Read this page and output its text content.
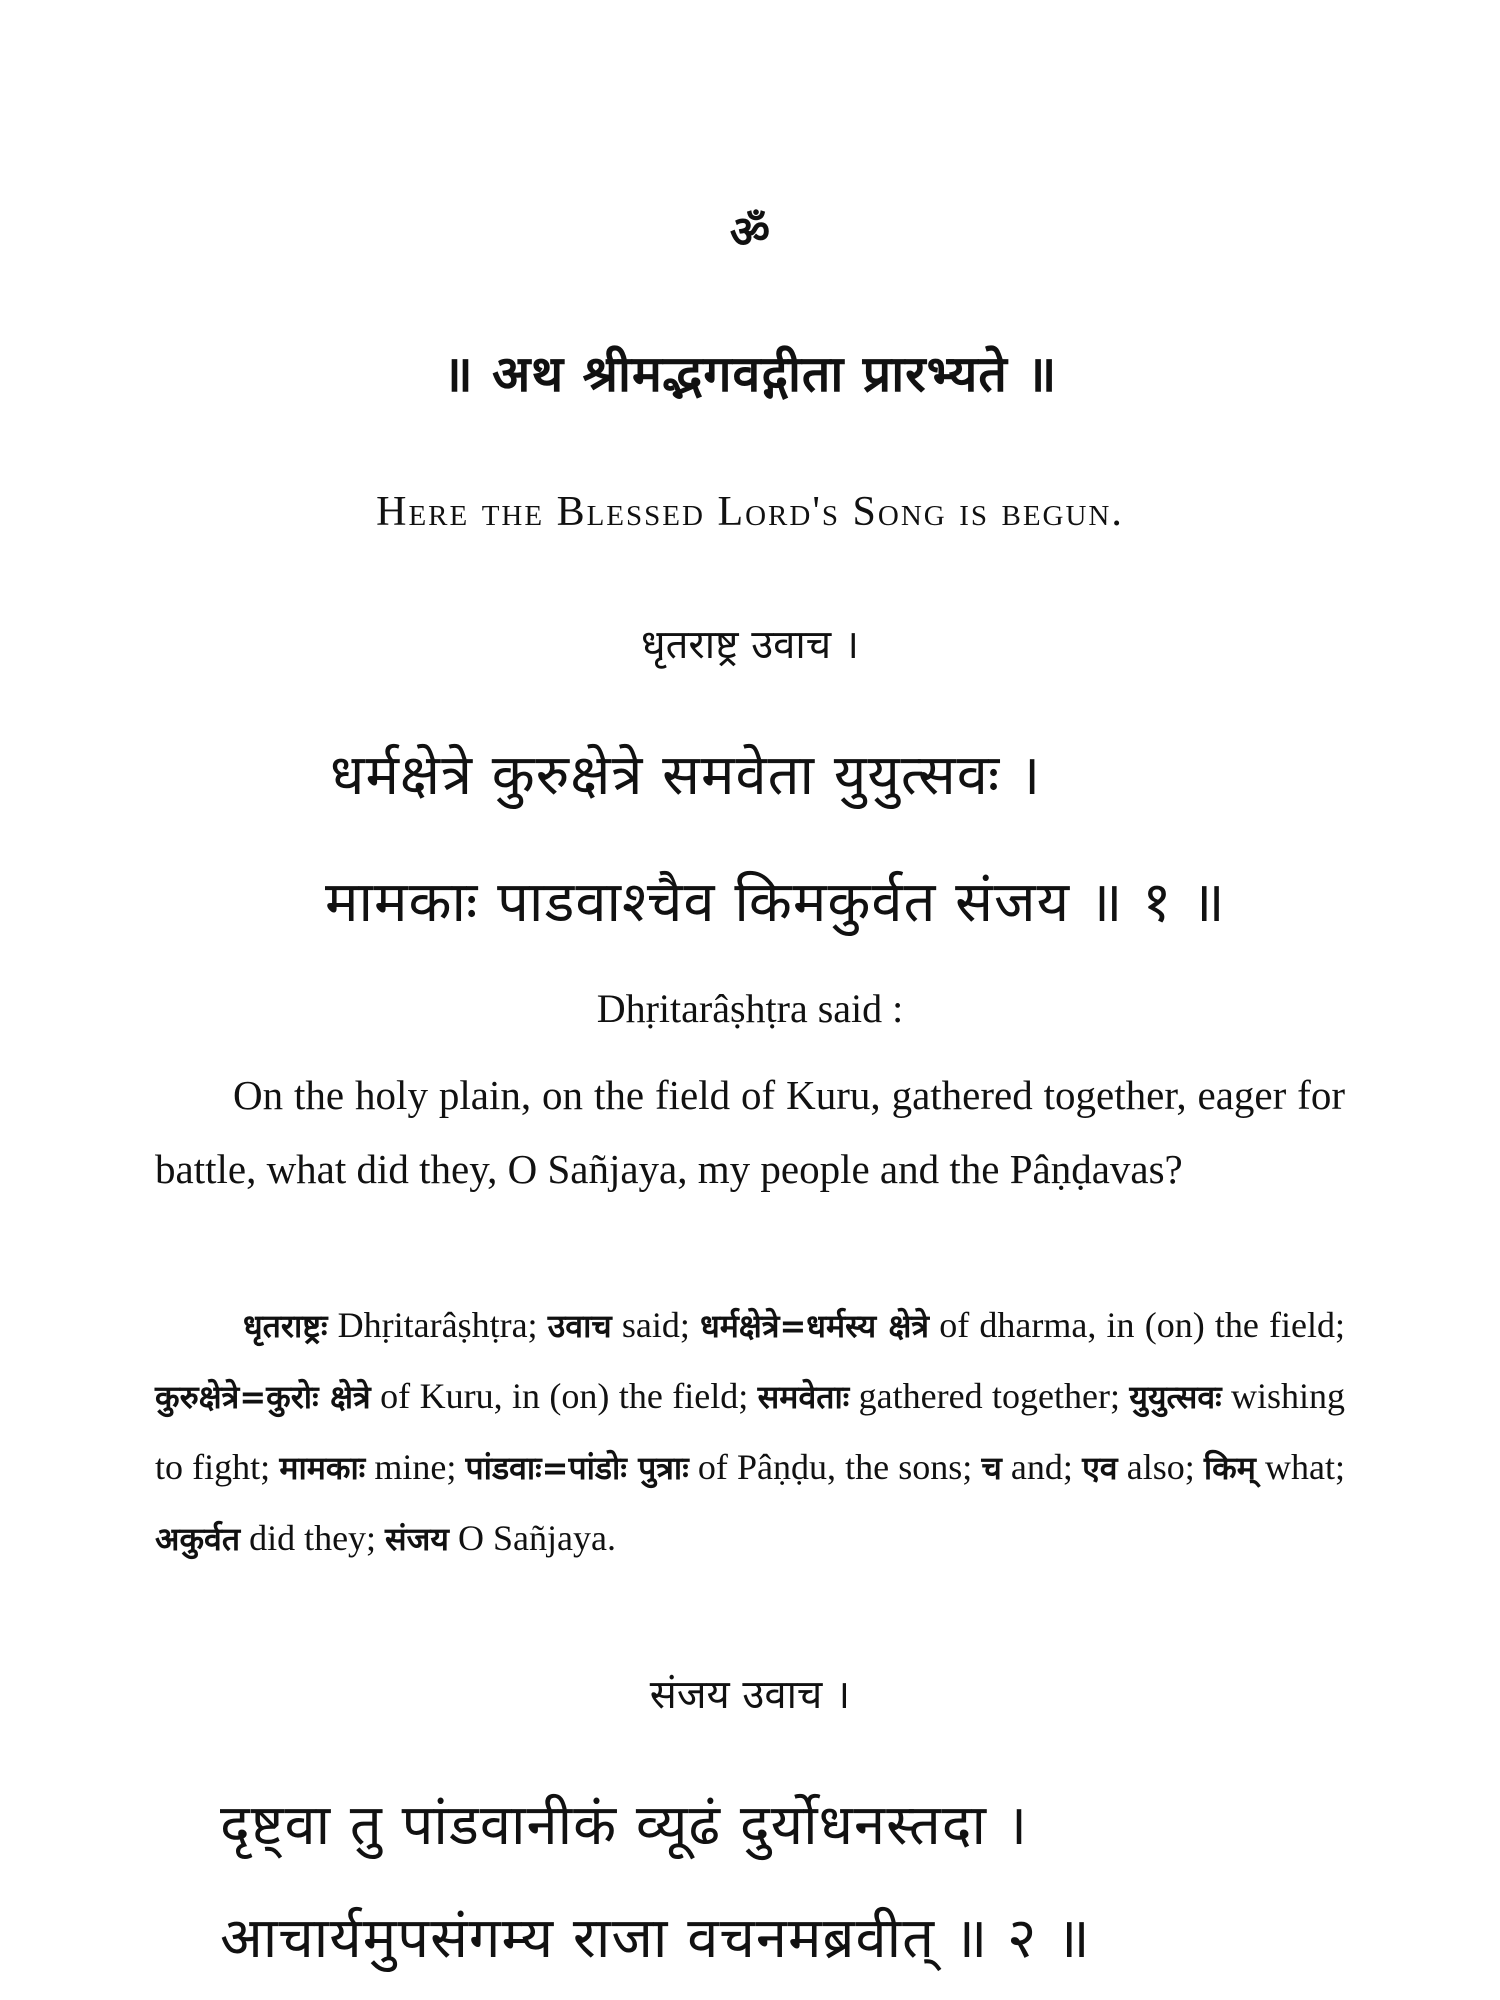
ॐ
॥ अथ श्रीमद्भगवद्गीता प्रारभ्यते ॥
Here the Blessed Lord's Song is begun.
धृतराष्ट्र उवाच ।
धर्मक्षेत्रे कुरुक्षेत्रे समवेता युयुत्सवः ।
मामकाः पाडवाश्चैव किमकुर्वत संजय ॥ १ ॥
Dhṛitarâṣhṭra said :
On the holy plain, on the field of Kuru, gathered together, eager for battle, what did they, O Sañjaya, my people and the Pâṇḍavas?
धृतराष्ट्रः Dhṛitarâṣhṭra; उवाच said; धर्मक्षेत्रे=धर्मस्य क्षेत्रे of dharma, in (on) the field; कुरुक्षेत्रे=कुरोः क्षेत्रे of Kuru, in (on) the field; समवेताः gathered together; युयुत्सवः wishing to fight; मामकाः mine; पांडवाः=पांडोः पुत्राः of Pâṇḍu, the sons; च and; एव also; किम् what; अकुर्वत did they; संजय O Sañjaya.
संजय उवाच ।
दृष्ट्वा तु पांडवानीकं व्यूढं दुर्योधनस्तदा ।
आचार्यमुपसंगम्य राजा वचनमब्रवीत् ॥ २ ॥
